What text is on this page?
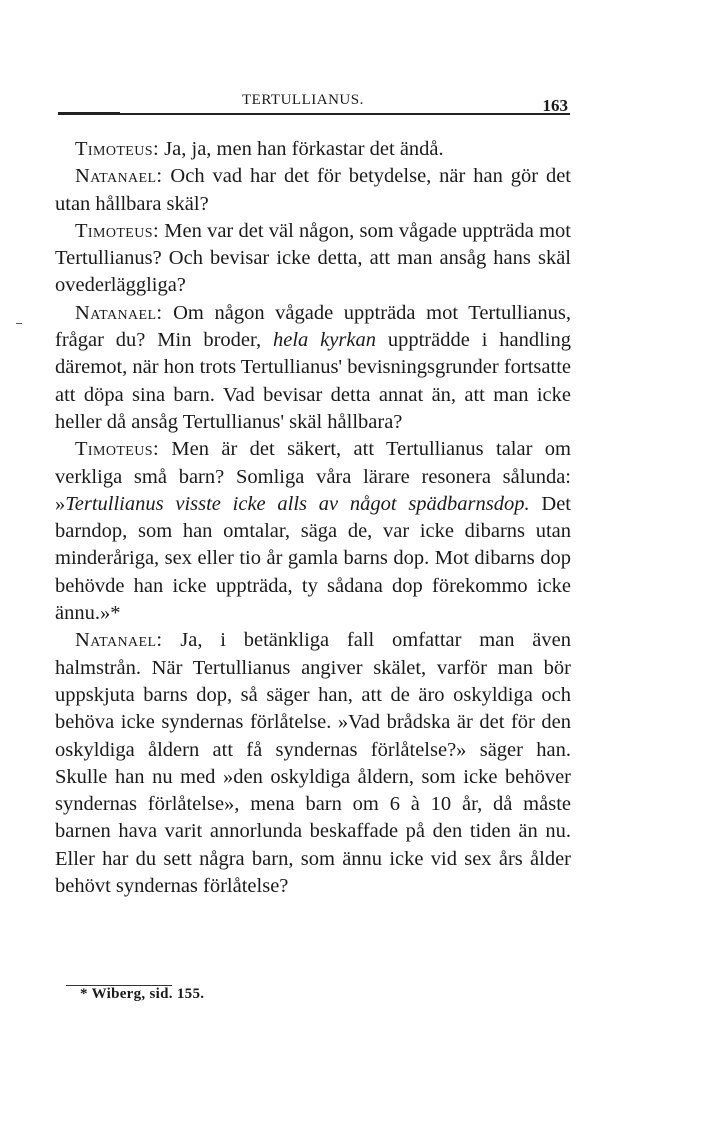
TERTULLIANUS.	163

Timoteus: Ja, ja, men han förkastar det ändå.

Natanael: Och vad har det för betydelse, när han gör det utan hållbara skäl?

Timoteus: Men var det väl någon, som vågade uppträda mot Tertullianus? Och bevisar icke detta, att man ansåg hans skäl ovederläggliga?

Natanael: Om någon vågade uppträda mot Tertullianus, frågar du? Min broder, hela kyrkan uppträdde i handling däremot, när hon trots Tertullianus' bevisningsgrunder fortsatte att döpa sina barn. Vad bevisar detta annat än, att man icke heller då ansåg Tertullianus' skäl hållbara?

Timoteus: Men är det säkert, att Tertullianus talar om verkliga små barn? Somliga våra lärare resonera sålunda: »Tertullianus visste icke alls av något spädbarnsdop. Det barndop, som han omtalar, säga de, var icke dibarns utan minderåriga, sex eller tio år gamla barns dop. Mot dibarns dop behövde han icke uppträda, ty sådana dop förekommo icke ännu.»*

Natanael: Ja, i betänkliga fall omfattar man även halmstrån. När Tertullianus angiver skälet, varför man bör uppskjuta barns dop, så säger han, att de äro oskyldiga och behöva icke syndernas förlåtelse. »Vad brådska är det för den oskyldiga åldern att få syndernas förlåtelse?» säger han. Skulle han nu med »den oskyldiga åldern, som icke behöver syndernas förlåtelse», mena barn om 6 à 10 år, då måste barnen hava varit annorlunda beskaffade på den tiden än nu. Eller har du sett några barn, som ännu icke vid sex års ålder behövt syndernas förlåtelse?

* Wiberg, sid. 155.
